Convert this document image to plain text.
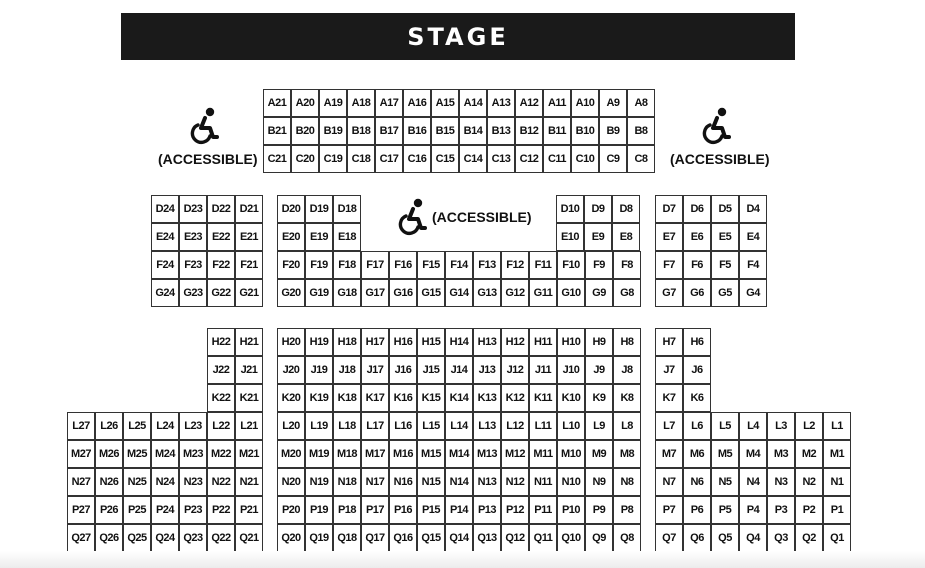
STAGE
A21 A20 A19 A18 A17 A16 A15 A14 A13 A12 A11 A10	A9	A8
B21 B20 B19 B18 B17 B16 B15 B14 B13 B12 B11 B10	B9	B8
C21 C20 C19 C18 C17 C16 C15 C14 C13 C12 C11 C10	C9	C8
D24 D23 D22 D21	D20 D19 D18	D10	D9	D8	D7	D6	D5	D4
E24 E23 E22 E21	E20 E19 E18	E10	E9	E8	E7	E6	E5	E4
F24 F23 F22 F21	F20 F19 F18 F17 F16 F15 F14 F13 F12 F11 F10	F9	F8	F7	F6	F5	F4
G24 G23 G22 G21	G20 G19 G18 G17 G16 G15 G14 G13 G12 G11 G10	G9	G8	G7	G6	G5	G4
H22 H21	H20 H19 H18 H17 H16 H15 H14 H13 H12 H11 H10	H9	H8	H7	H6
J22	J21	J20	J19	J18	J17	J16	J15	J14	J13	J12	J11	J10	J9	J8	J7	J6
K22 K21	K20 K19 K18 K17 K16 K15 K14 K13 K12 K11 K10	K9	K8	K7	K6
L27 L26 L25 L24 L23 L22 L21	L20 L19 L18 L17 L16 L15 L14 L13 L12 L11 L10	L9	L8	L7	L6	L5	L4	L3	L2	L1
M27 M26 M25 M24 M23 M22 M21	M20 M19 M18 M17 M16 M15 M14 M13 M12 M11 M10 M9	M8	M7	M6	M5	M4	M3	M2	M1
N27 N26 N25 N24 N23 N22 N21	N20 N19 N18 N17 N16 N15 N14 N13 N12 N11 N10	N9	N8	N7	N6	N5	N4	N3	N2	N1
P27 P26 P25 P24 P23 P22 P21	P20 P19 P18 P17 P16 P15 P14 P13 P12 P11 P10	P9	P8	P7	P6	P5	P4	P3	P2	P1
Q27 Q26 Q25 Q24 Q23 Q22 Q21	Q20 Q19 Q18 Q17 Q16 Q15 Q14 Q13 Q12 Q11 Q10	Q9	Q8	Q7	Q6	Q5	Q4	Q3	Q2	Q1
(ACCESSIBLE)
(ACCESSIBLE)
(ACCESSIBLE)
